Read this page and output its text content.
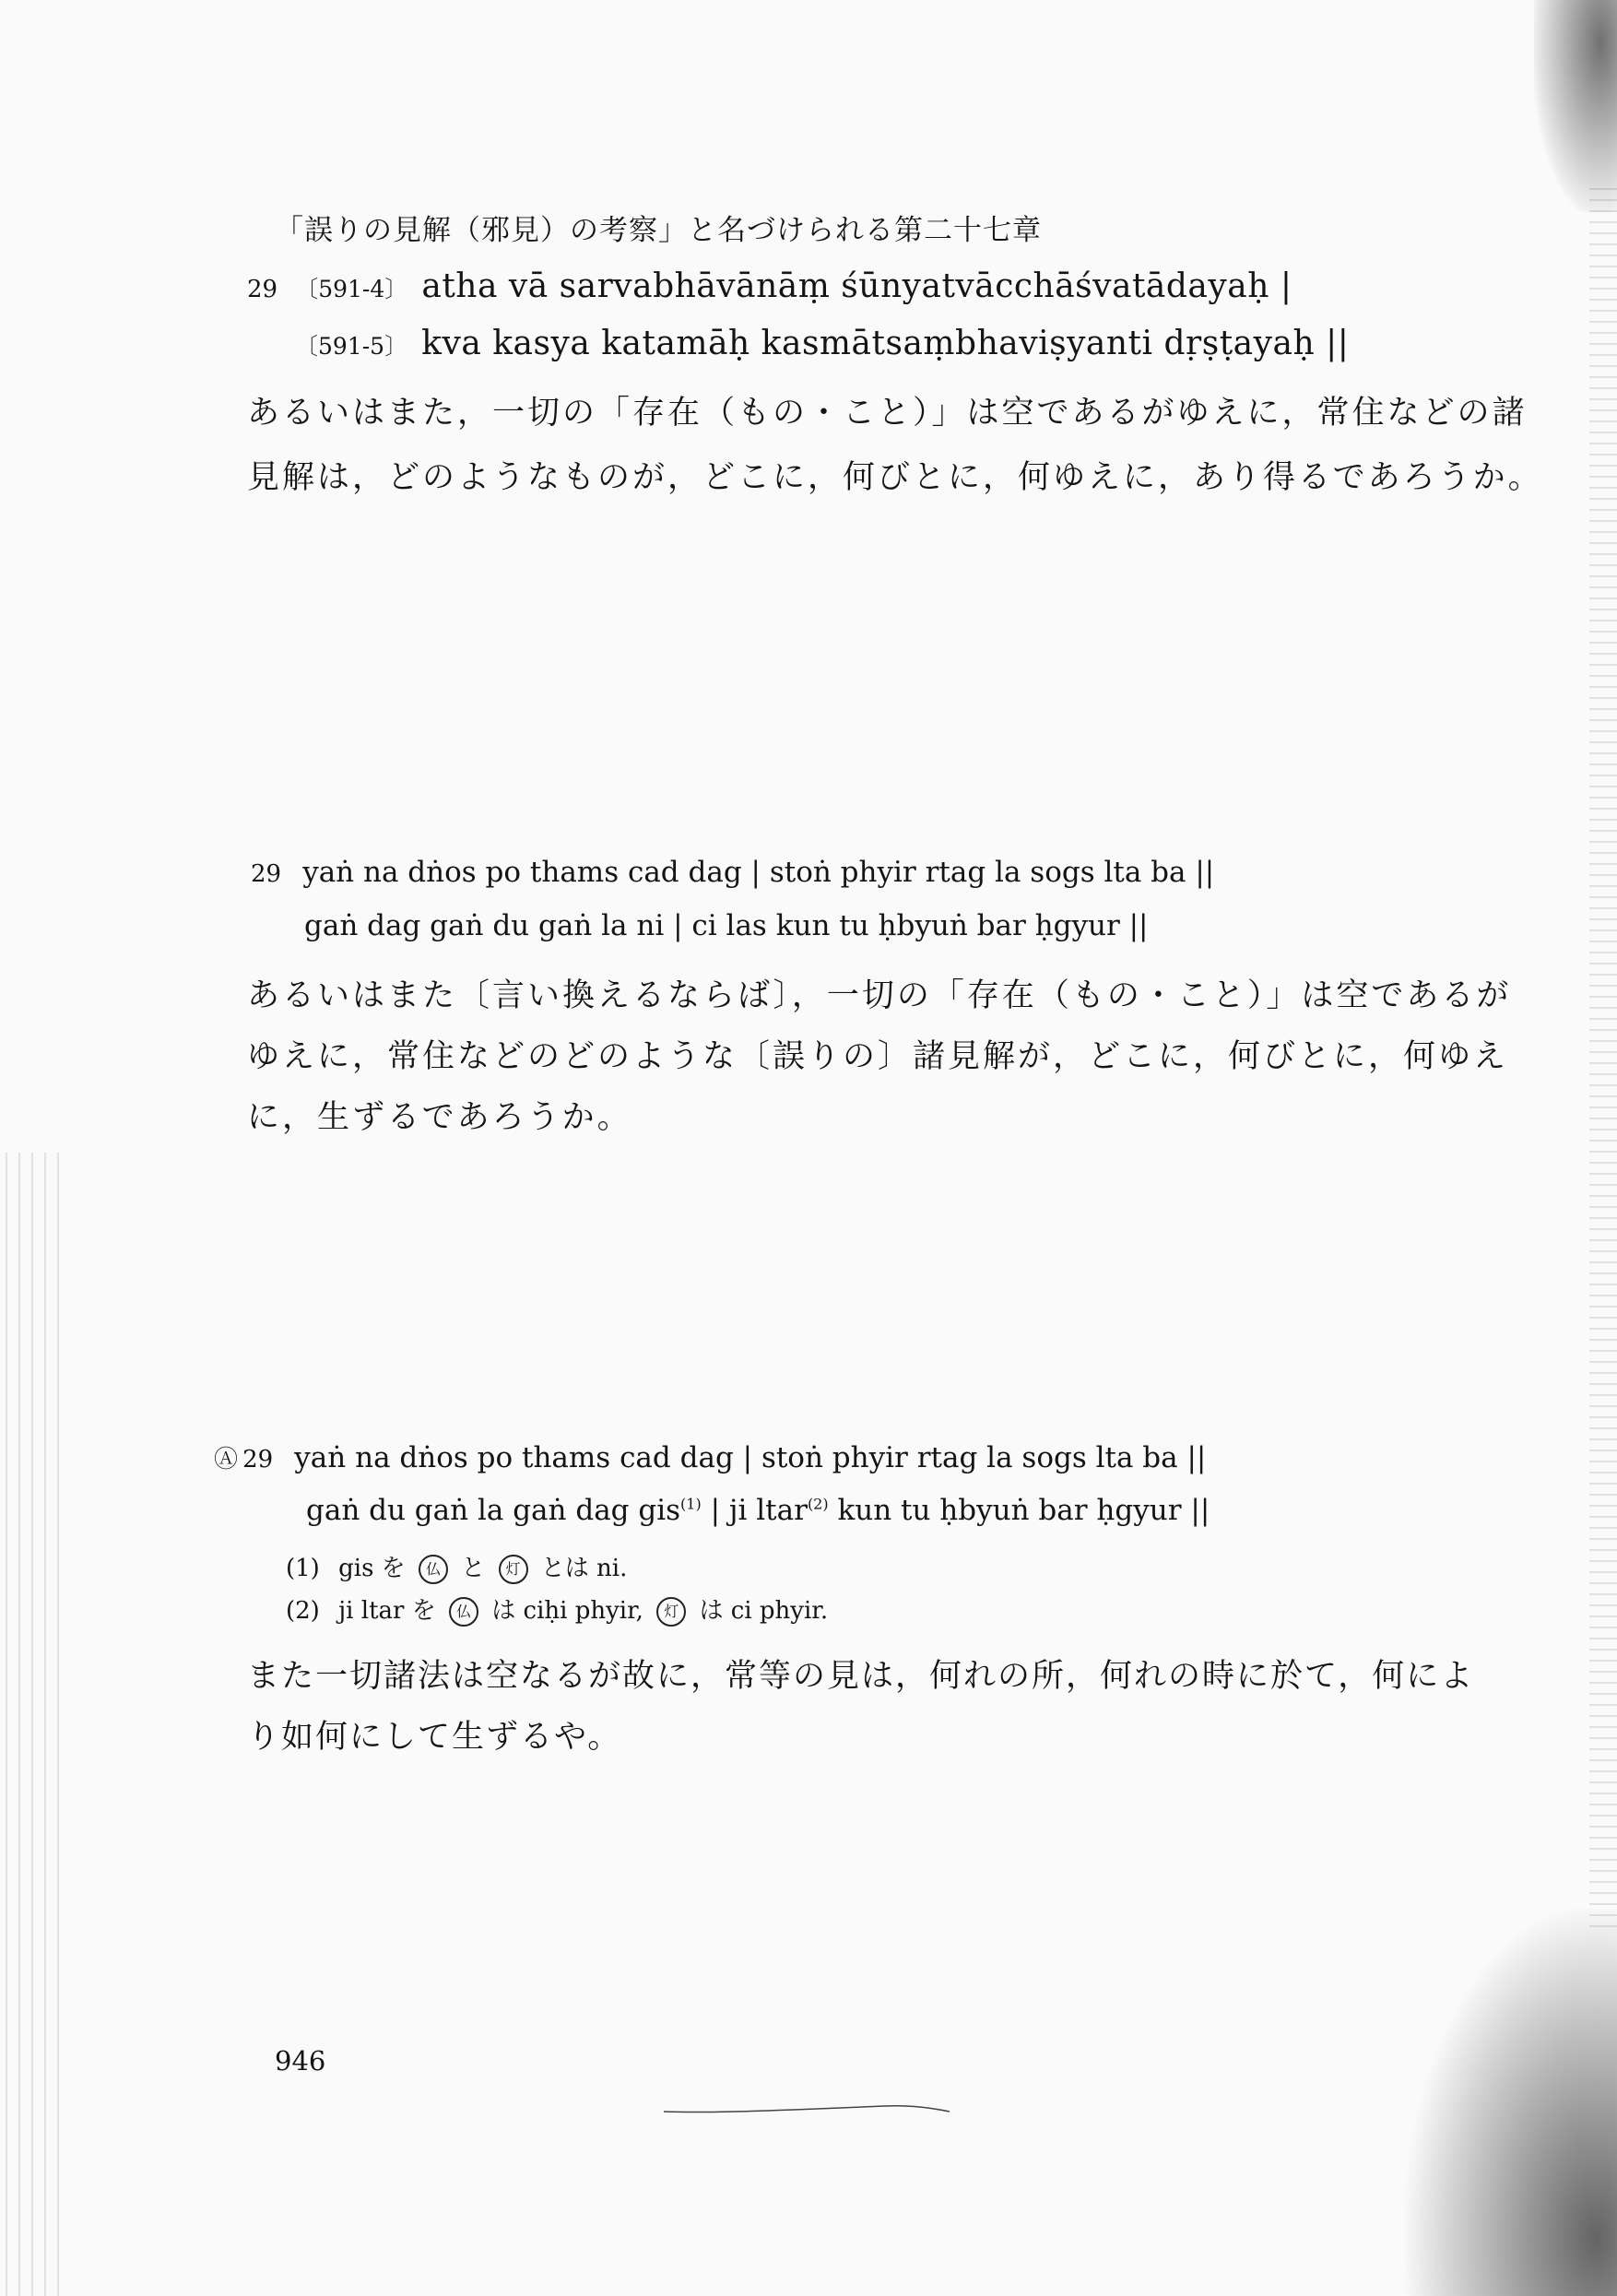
「誤りの見解（邪見）の考察」と名づけられる第二十七章
29 〔591-4〕 atha vā sarvabhāvānāṃ śūnyatvācchāśvatādayaḥ |
〔591-5〕 kva kasya katamāḥ kasmātsaṃbhaviṣyanti dṛṣṭayaḥ ||
あるいはまた，一切の「存在（もの・こと）」は空であるがゆえに，常住などの諸
見解は，どのようなものが，どこに，何びとに，何ゆえに，あり得るであろうか。
29 yaṅ na dṅos po thams cad dag | stoṅ phyir rtag la sogs lta ba ||
gaṅ dag gaṅ du gaṅ la ni | ci las kun tu ḥbyuṅ bar ḥgyur ||
あるいはまた〔言い換えるならば〕，一切の「存在（もの・こと）」は空であるが
ゆえに，常住などのどのような〔誤りの〕諸見解が，どこに，何びとに，何ゆえ
に，生ずるであろうか。
Ⓐ 29 yaṅ na dṅos po thams cad dag | stoṅ phyir rtag la sogs lta ba ||
gaṅ du gaṅ la gaṅ dag gis$^{(1)}$ | ji ltar$^{(2)}$ kun tu ḥbyuṅ bar ḥgyur ||
(1) gis を 仏 と 灯 とは ni.
(2) ji ltar を 仏 は ciḥi phyir, 灯 は ci phyir.
また一切諸法は空なるが故に，常等の見は，何れの所，何れの時に於て，何によ
り如何にして生ずるや。
946
